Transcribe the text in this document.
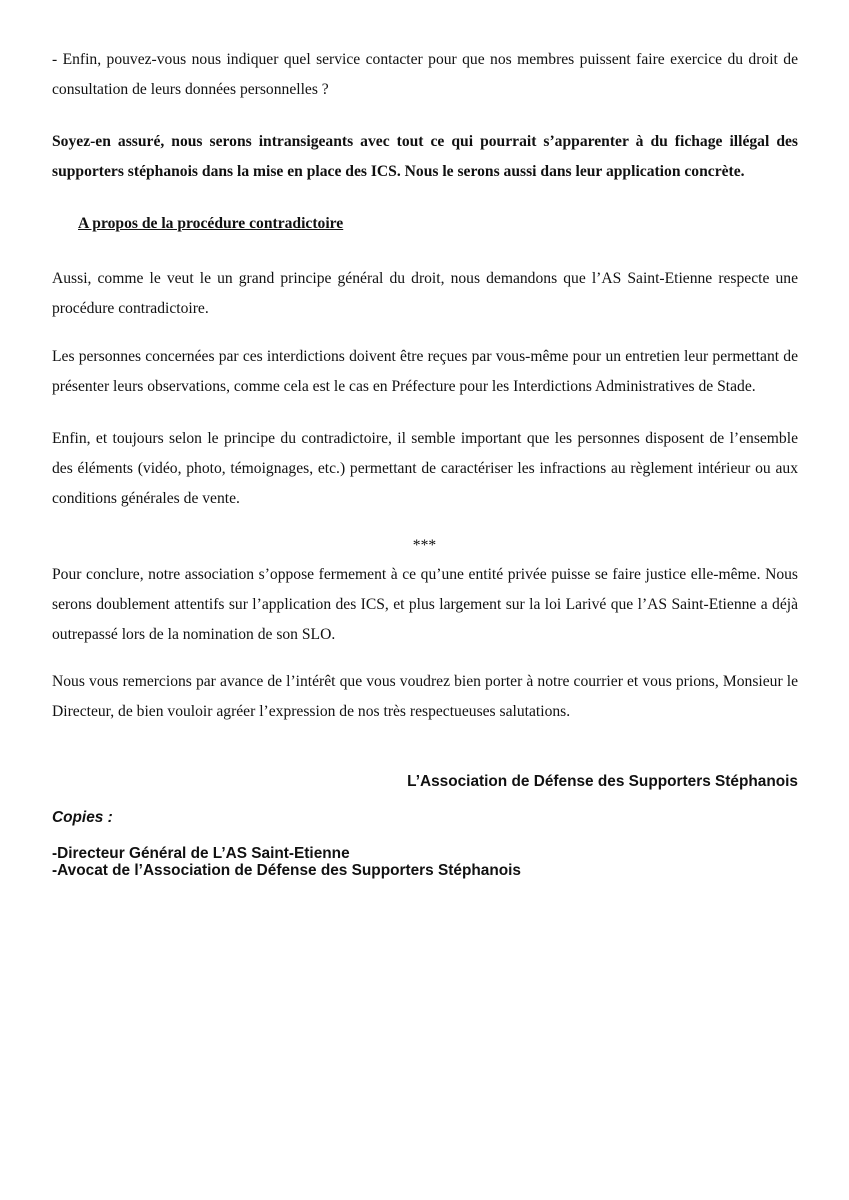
- Enfin, pouvez-vous nous indiquer quel service contacter pour que nos membres puissent faire exercice du droit de consultation de leurs données personnelles ?

Soyez-en assuré, nous serons intransigeants avec tout ce qui pourrait s’apparenter à du fichage illégal des supporters stéphanois dans la mise en place des ICS. Nous le serons aussi dans leur application concrète.

A propos de la procédure contradictoire

Aussi, comme le veut le un grand principe général du droit, nous demandons que l’AS Saint-Etienne respecte une procédure contradictoire.

Les personnes concernées par ces interdictions doivent être reçues par vous-même pour un entretien leur permettant de présenter leurs observations, comme cela est le cas en Préfecture pour les Interdictions Administratives de Stade.

Enfin, et toujours selon le principe du contradictoire, il semble important que les personnes disposent de l’ensemble des éléments (vidéo, photo, témoignages, etc.) permettant de caractériser les infractions au règlement intérieur ou aux conditions générales de vente.

***

Pour conclure, notre association s’oppose fermement à ce qu’une entité privée puisse se faire justice elle-même. Nous serons doublement attentifs sur l’application des ICS, et plus largement sur la loi Larivé que l’AS Saint-Etienne a déjà outrepassé lors de la nomination de son SLO.

Nous vous remercions par avance de l’intérêt que vous voudrez bien porter à notre courrier et vous prions, Monsieur le Directeur, de bien vouloir agréer l’expression de nos très respectueuses salutations.

L’Association de Défense des Supporters Stéphanois

Copies :

-Directeur Général de L’AS Saint-Etienne
-Avocat de l’Association de Défense des Supporters Stéphanois
